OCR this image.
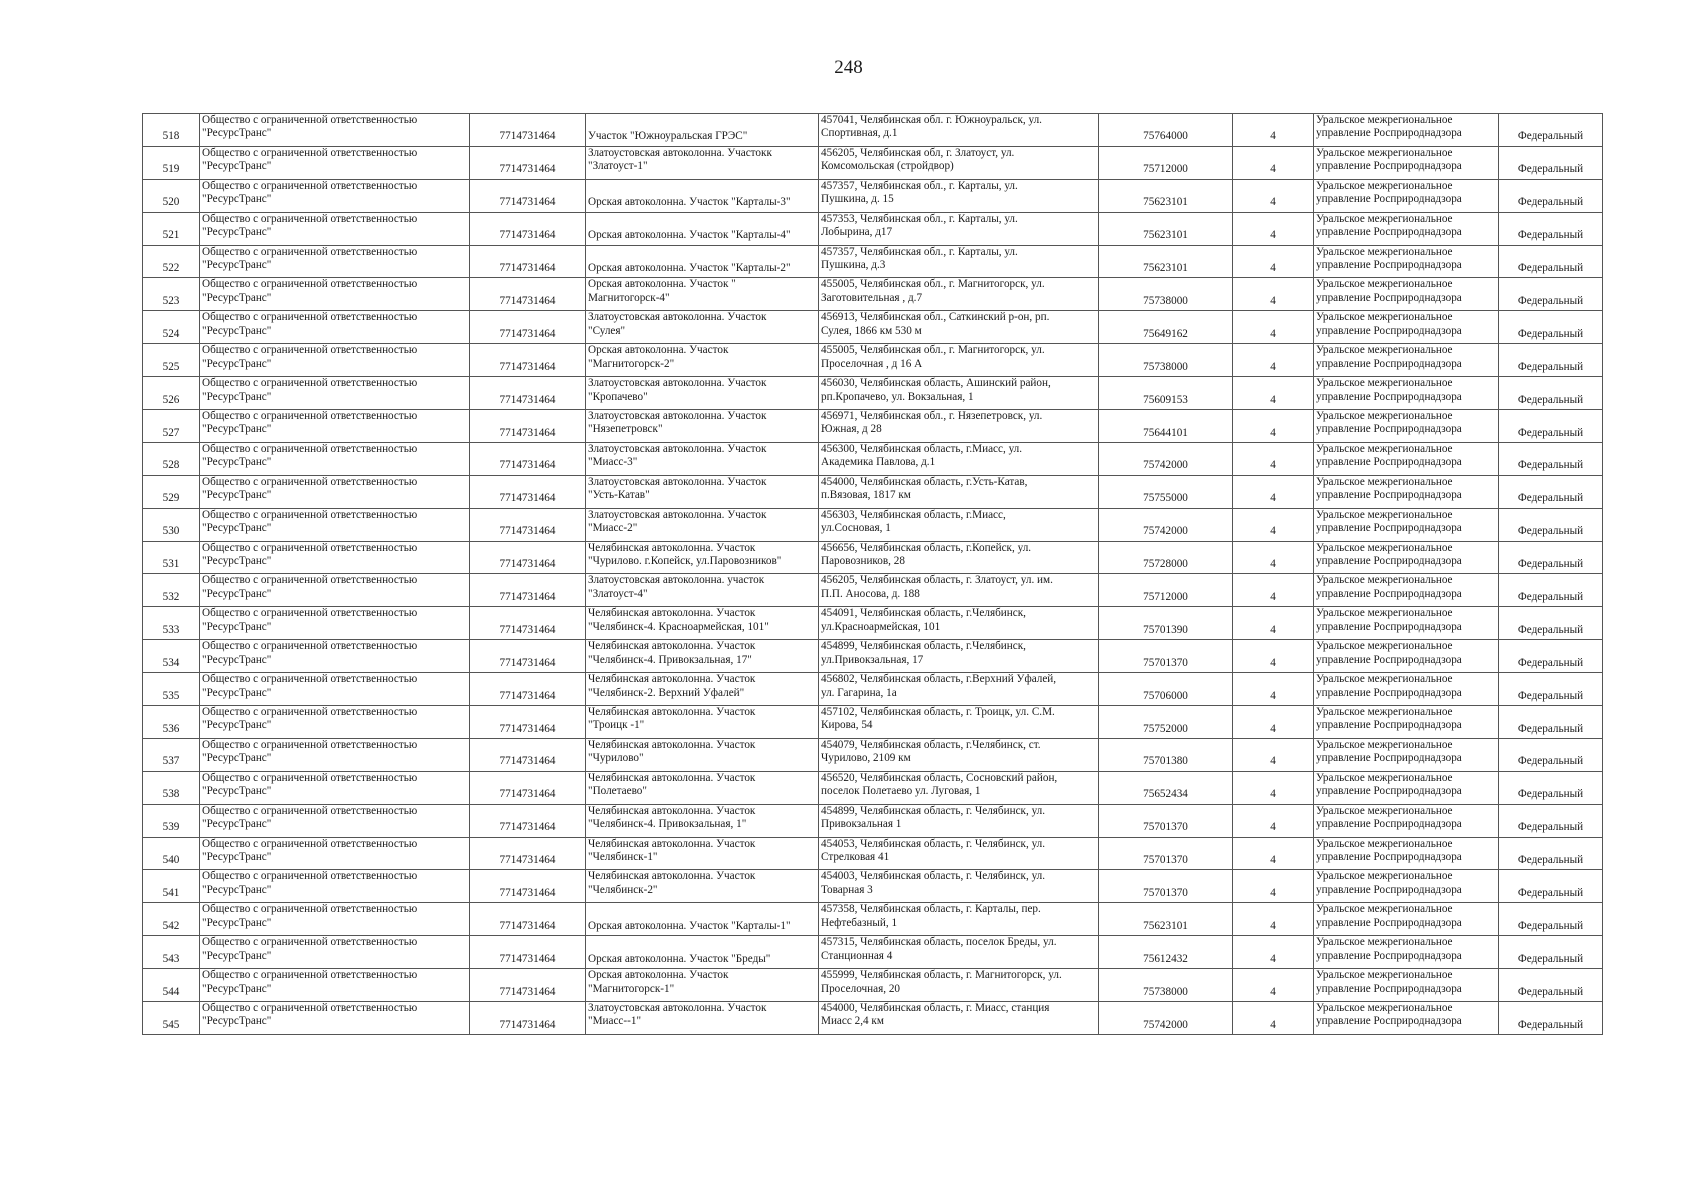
248
518	Общество с ограниченной ответственностью
"РесурсТранс"	7714731464	Участок "Южноуральская ГРЭС"	457041, Челябинская обл. г. Южноуральск, ул.
Спортивная, д.1	75764000	4	Уральское межрегиональное
управление Росприроднадзора	Федеральный
519	Общество с ограниченной ответственностью
"РесурсТранс"	7714731464	Златоустовская автоколонна. Участокк
"Златоуст-1"	456205, Челябинская обл, г. Златоуст, ул.
Комсомольская (стройдвор)	75712000	4	Уральское межрегиональное
управление Росприроднадзора	Федеральный
520	Общество с ограниченной ответственностью
"РесурсТранс"	7714731464	Орская автоколонна. Участок "Карталы-3"	457357, Челябинская обл., г. Карталы, ул.
Пушкина, д. 15	75623101	4	Уральское межрегиональное
управление Росприроднадзора	Федеральный
521	Общество с ограниченной ответственностью
"РесурсТранс"	7714731464	Орская автоколонна. Участок "Карталы-4"	457353, Челябинская обл., г. Карталы, ул.
Лобырина, д17	75623101	4	Уральское межрегиональное
управление Росприроднадзора	Федеральный
522	Общество с ограниченной ответственностью
"РесурсТранс"	7714731464	Орская автоколонна. Участок "Карталы-2"	457357, Челябинская обл., г. Карталы, ул.
Пушкина, д.3	75623101	4	Уральское межрегиональное
управление Росприроднадзора	Федеральный
523	Общество с ограниченной ответственностью
"РесурсТранс"	7714731464	Орская автоколонна. Участок "
Магнитогорск-4"	455005, Челябинская обл., г. Магнитогорск, ул.
Заготовительная , д.7	75738000	4	Уральское межрегиональное
управление Росприроднадзора	Федеральный
524	Общество с ограниченной ответственностью
"РесурсТранс"	7714731464	Златоустовская автоколонна. Участок
"Сулея"	456913, Челябинская обл., Саткинский р-он, рп.
Сулея, 1866 км 530 м	75649162	4	Уральское межрегиональное
управление Росприроднадзора	Федеральный
525	Общество с ограниченной ответственностью
"РесурсТранс"	7714731464	Орская автоколонна. Участок
"Магнитогорск-2"	455005, Челябинская обл., г. Магнитогорск, ул.
Проселочная , д 16 А	75738000	4	Уральское межрегиональное
управление Росприроднадзора	Федеральный
526	Общество с ограниченной ответственностью
"РесурсТранс"	7714731464	Златоустовская автоколонна. Участок
"Кропачево"	456030, Челябинская область, Ашинский район,
рп.Кропачево, ул. Вокзальная, 1	75609153	4	Уральское межрегиональное
управление Росприроднадзора	Федеральный
527	Общество с ограниченной ответственностью
"РесурсТранс"	7714731464	Златоустовская автоколонна. Участок
"Нязепетровск"	456971, Челябинская обл., г. Нязепетровск, ул.
Южная, д 28	75644101	4	Уральское межрегиональное
управление Росприроднадзора	Федеральный
528	Общество с ограниченной ответственностью
"РесурсТранс"	7714731464	Златоустовская автоколонна. Участок
"Миасс-3"	456300, Челябинская область, г.Миасс, ул.
Академика Павлова, д.1	75742000	4	Уральское межрегиональное
управление Росприроднадзора	Федеральный
529	Общество с ограниченной ответственностью
"РесурсТранс"	7714731464	Златоустовская автоколонна. Участок
"Усть-Катав"	454000, Челябинская область, г.Усть-Катав,
п.Вязовая, 1817 км	75755000	4	Уральское межрегиональное
управление Росприроднадзора	Федеральный
530	Общество с ограниченной ответственностью
"РесурсТранс"	7714731464	Златоустовская автоколонна. Участок
"Миасс-2"	456303, Челябинская область, г.Миасс,
ул.Сосновая, 1	75742000	4	Уральское межрегиональное
управление Росприроднадзора	Федеральный
531	Общество с ограниченной ответственностью
"РесурсТранс"	7714731464	Челябинская автоколонна. Участок
"Чурилово. г.Копейск, ул.Паровозников"	456656, Челябинская область, г.Копейск, ул.
Паровозников, 28	75728000	4	Уральское межрегиональное
управление Росприроднадзора	Федеральный
532	Общество с ограниченной ответственностью
"РесурсТранс"	7714731464	Златоустовская автоколонна. участок
"Златоуст-4"	456205, Челябинская область, г. Златоуст, ул. им.
П.П. Аносова, д. 188	75712000	4	Уральское межрегиональное
управление Росприроднадзора	Федеральный
533	Общество с ограниченной ответственностью
"РесурсТранс"	7714731464	Челябинская автоколонна. Участок
"Челябинск-4. Красноармейская, 101"	454091, Челябинская область, г.Челябинск,
ул.Красноармейская, 101	75701390	4	Уральское межрегиональное
управление Росприроднадзора	Федеральный
534	Общество с ограниченной ответственностью
"РесурсТранс"	7714731464	Челябинская автоколонна. Участок
"Челябинск-4. Привокзальная, 17"	454899, Челябинская область, г.Челябинск,
ул.Привокзальная, 17	75701370	4	Уральское межрегиональное
управление Росприроднадзора	Федеральный
535	Общество с ограниченной ответственностью
"РесурсТранс"	7714731464	Челябинская автоколонна. Участок
"Челябинск-2. Верхний Уфалей"	456802, Челябинская область, г.Верхний Уфалей,
ул. Гагарина, 1а	75706000	4	Уральское межрегиональное
управление Росприроднадзора	Федеральный
536	Общество с ограниченной ответственностью
"РесурсТранс"	7714731464	Челябинская автоколонна. Участок
"Троицк -1"	457102, Челябинская область, г. Троицк, ул. С.М.
Кирова, 54	75752000	4	Уральское межрегиональное
управление Росприроднадзора	Федеральный
537	Общество с ограниченной ответственностью
"РесурсТранс"	7714731464	Челябинская автоколонна. Участок
"Чурилово"	454079, Челябинская область, г.Челябинск, ст.
Чурилово, 2109 км	75701380	4	Уральское межрегиональное
управление Росприроднадзора	Федеральный
538	Общество с ограниченной ответственностью
"РесурсТранс"	7714731464	Челябинская автоколонна. Участок
"Полетаево"	456520, Челябинская область, Сосновский район,
поселок Полетаево ул. Луговая, 1	75652434	4	Уральское межрегиональное
управление Росприроднадзора	Федеральный
539	Общество с ограниченной ответственностью
"РесурсТранс"	7714731464	Челябинская автоколонна. Участок
"Челябинск-4. Привокзальная, 1"	454899, Челябинская область, г. Челябинск, ул.
Привокзальная 1	75701370	4	Уральское межрегиональное
управление Росприроднадзора	Федеральный
540	Общество с ограниченной ответственностью
"РесурсТранс"	7714731464	Челябинская автоколонна. Участок
"Челябинск-1"	454053, Челябинская область, г. Челябинск, ул.
Стрелковая 41	75701370	4	Уральское межрегиональное
управление Росприроднадзора	Федеральный
541	Общество с ограниченной ответственностью
"РесурсТранс"	7714731464	Челябинская автоколонна. Участок
"Челябинск-2"	454003, Челябинская область, г. Челябинск, ул.
Товарная 3	75701370	4	Уральское межрегиональное
управление Росприроднадзора	Федеральный
542	Общество с ограниченной ответственностью
"РесурсТранс"	7714731464	Орская автоколонна. Участок "Карталы-1"	457358, Челябинская область, г. Карталы, пер.
Нефтебазный, 1	75623101	4	Уральское межрегиональное
управление Росприроднадзора	Федеральный
543	Общество с ограниченной ответственностью
"РесурсТранс"	7714731464	Орская автоколонна. Участок "Бреды"	457315, Челябинская область, поселок Бреды, ул.
Станционная 4	75612432	4	Уральское межрегиональное
управление Росприроднадзора	Федеральный
544	Общество с ограниченной ответственностью
"РесурсТранс"	7714731464	Орская автоколонна. Участок
"Магнитогорск-1"	455999, Челябинская область, г. Магнитогорск, ул.
Проселочная, 20	75738000	4	Уральское межрегиональное
управление Росприроднадзора	Федеральный
545	Общество с ограниченной ответственностью
"РесурсТранс"	7714731464	Златоустовская автоколонна. Участок
"Миасс--1"	454000, Челябинская область, г. Миасс, станция
Миасс 2,4 км	75742000	4	Уральское межрегиональное
управление Росприроднадзора	Федеральный
